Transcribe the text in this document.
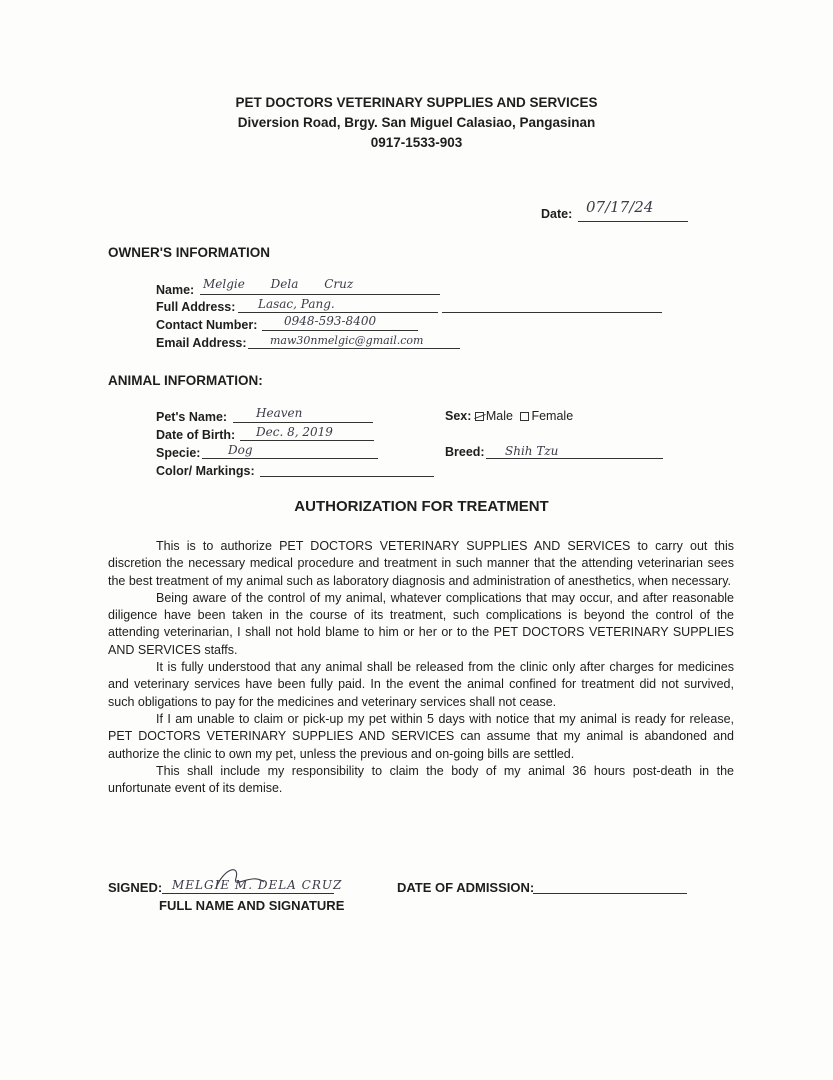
PET DOCTORS VETERINARY SUPPLIES AND SERVICES
Diversion Road, Brgy. San Miguel Calasiao, Pangasinan
0917-1533-903
Date: 07/17/24
OWNER'S INFORMATION
Name: Melgie Dela Cruz
Full Address: Lasac, Pang.
Contact Number: 0948-593-8400
Email Address: maw30nmelgic@gmail.com
ANIMAL INFORMATION:
Pet's Name: Heaven
Date of Birth: Dec. 8, 2019
Specie: Dog
Color/ Markings:
Sex: Male Female
Breed: Shih Tzu
AUTHORIZATION FOR TREATMENT

This is to authorize PET DOCTORS VETERINARY SUPPLIES AND SERVICES to carry out this discretion the necessary medical procedure and treatment in such manner that the attending veterinarian sees the best treatment of my animal such as laboratory diagnosis and administration of anesthetics, when necessary.

Being aware of the control of my animal, whatever complications that may occur, and after reasonable diligence have been taken in the course of its treatment, such complications is beyond the control of the attending veterinarian, I shall not hold blame to him or her or to the PET DOCTORS VETERINARY SUPPLIES AND SERVICES staffs.

It is fully understood that any animal shall be released from the clinic only after charges for medicines and veterinary services have been fully paid. In the event the animal confined for treatment did not survived, such obligations to pay for the medicines and veterinary services shall not cease.

If I am unable to claim or pick-up my pet within 5 days with notice that my animal is ready for release, PET DOCTORS VETERINARY SUPPLIES AND SERVICES can assume that my animal is abandoned and authorize the clinic to own my pet, unless the previous and on-going bills are settled.

This shall include my responsibility to claim the body of my animal 36 hours post-death in the unfortunate event of its demise.

SIGNED: MELGIE M. DELA CRUZ
FULL NAME AND SIGNATURE
DATE OF ADMISSION:
